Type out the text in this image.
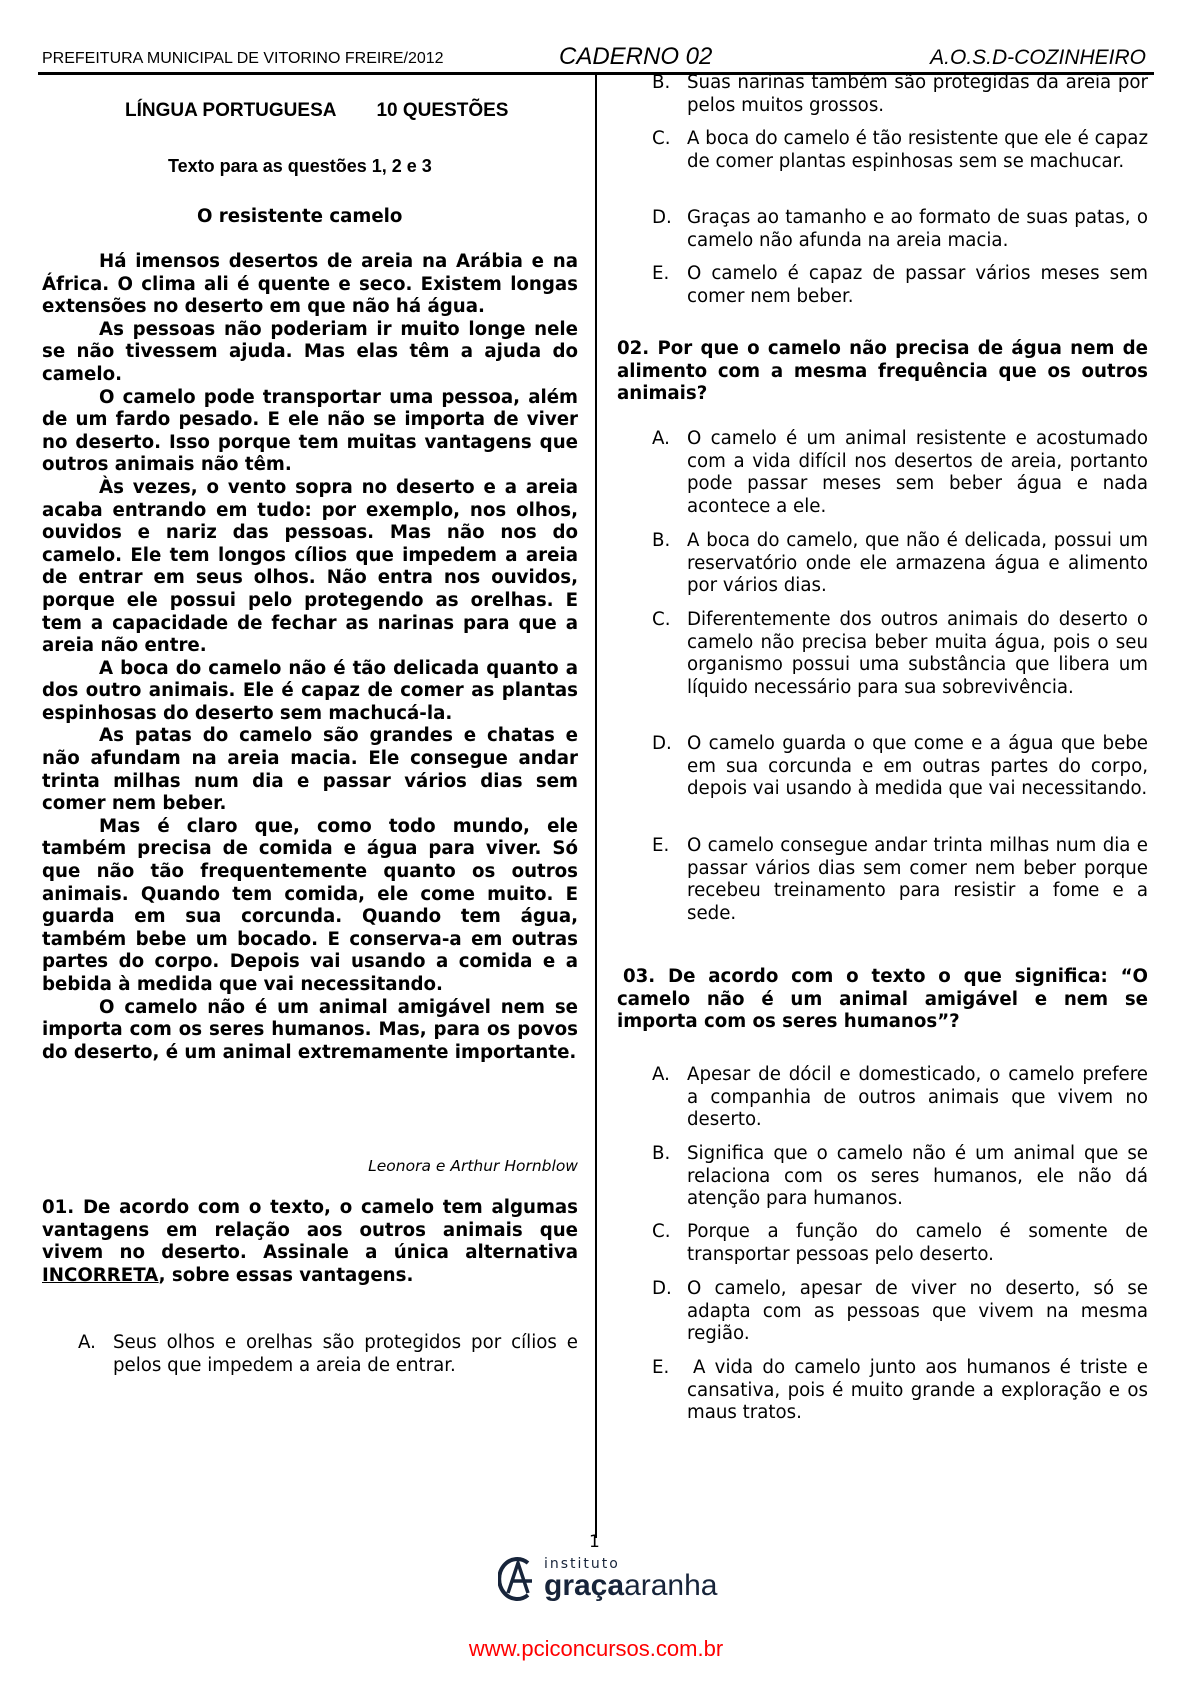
PREFEITURA MUNICIPAL DE VITORINO FREIRE/2012	CADERNO 02	A.O.S.D-COZINHEIRO
LÍNGUA PORTUGUESA 10 QUESTÕES
Texto para as questões 1, 2 e 3
O resistente camelo

Há imensos desertos de areia na Arábia e na África. O clima ali é quente e seco. Existem longas extensões no deserto em que não há água.

As pessoas não poderiam ir muito longe nele se não tivessem ajuda. Mas elas têm a ajuda do camelo.

O camelo pode transportar uma pessoa, além de um fardo pesado. E ele não se importa de viver no deserto. Isso porque tem muitas vantagens que outros animais não têm.

Às vezes, o vento sopra no deserto e a areia acaba entrando em tudo: por exemplo, nos olhos, ouvidos e nariz das pessoas. Mas não nos do camelo. Ele tem longos cílios que impedem a areia de entrar em seus olhos. Não entra nos ouvidos, porque ele possui pelo protegendo as orelhas. E tem a capacidade de fechar as narinas para que a areia não entre.

A boca do camelo não é tão delicada quanto a dos outro animais. Ele é capaz de comer as plantas espinhosas do deserto sem machucá-la.

As patas do camelo são grandes e chatas e não afundam na areia macia. Ele consegue andar trinta milhas num dia e passar vários dias sem comer nem beber.

Mas é claro que, como todo mundo, ele também precisa de comida e água para viver. Só que não tão frequentemente quanto os outros animais. Quando tem comida, ele come muito. E guarda em sua corcunda. Quando tem água, também bebe um bocado. E conserva-a em outras partes do corpo. Depois vai usando a comida e a bebida à medida que vai necessitando.

O camelo não é um animal amigável nem se importa com os seres humanos. Mas, para os povos do deserto, é um animal extremamente importante.

Leonora e Arthur Hornblow
01. De acordo com o texto, o camelo tem algumas vantagens em relação aos outros animais que vivem no deserto. Assinale a única alternativa INCORRETA, sobre essas vantagens.
A. Seus olhos e orelhas são protegidos por cílios e pelos que impedem a areia de entrar.
B. Suas narinas também são protegidas da areia por pelos muitos grossos.
C. A boca do camelo é tão resistente que ele é capaz de comer plantas espinhosas sem se machucar.
D. Graças ao tamanho e ao formato de suas patas, o camelo não afunda na areia macia.
E. O camelo é capaz de passar vários meses sem comer nem beber.
02. Por que o camelo não precisa de água nem de alimento com a mesma frequência que os outros animais?
A. O camelo é um animal resistente e acostumado com a vida difícil nos desertos de areia, portanto pode passar meses sem beber água e nada acontece a ele.
B. A boca do camelo, que não é delicada, possui um reservatório onde ele armazena água e alimento por vários dias.
C. Diferentemente dos outros animais do deserto o camelo não precisa beber muita água, pois o seu organismo possui uma substância que libera um líquido necessário para sua sobrevivência.
D. O camelo guarda o que come e a água que bebe em sua corcunda e em outras partes do corpo, depois vai usando à medida que vai necessitando.
E. O camelo consegue andar trinta milhas num dia e passar vários dias sem comer nem beber porque recebeu treinamento para resistir a fome e a sede.
03. De acordo com o texto o que significa: “O camelo não é um animal amigável e nem se importa com os seres humanos”?
A. Apesar de dócil e domesticado, o camelo prefere a companhia de outros animais que vivem no deserto.
B. Significa que o camelo não é um animal que se relaciona com os seres humanos, ele não dá atenção para humanos.
C. Porque a função do camelo é somente de transportar pessoas pelo deserto.
D. O camelo, apesar de viver no deserto, só se adapta com as pessoas que vivem na mesma região.
E.	A vida do camelo junto aos humanos é triste e cansativa, pois é muito grande a exploração e os maus tratos.
1
instituto
graçaaranha
www.pciconcursos.com.br
